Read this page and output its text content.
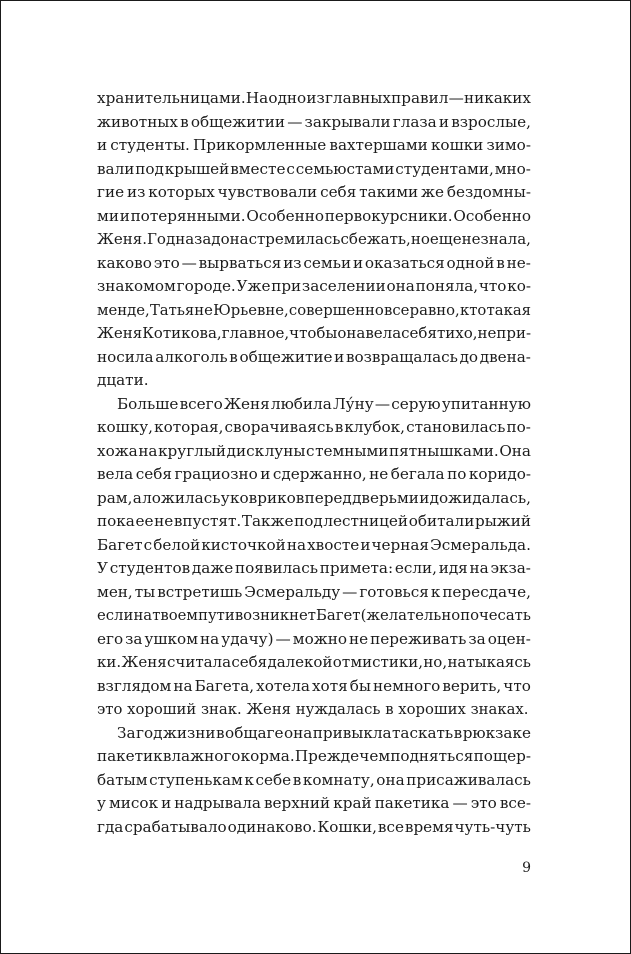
хранительницами. На одно из главных правил — никаких
животных в общежитии — закрывали глаза и взрослые,
и студенты. Прикормленные вахтершами кошки зимо-
вали под крышей вместе с семьюстами студентами, мно-
гие из которых чувствовали себя такими же бездомны-
ми и потерянными. Особенно первокурсники. Особенно
Женя. Год назад она стремилась сбежать, но еще не знала,
каково это — вырваться из семьи и оказаться одной в не-
знакомом городе. Уже при заселении она поняла, что ко-
менде, Татьяне Юрьевне, совершенно все равно, кто такая
Женя Котикова, главное, чтобы она вела себя тихо, не при-
носила алкоголь в общежитие и возвращалась до двена-
дцати.
Больше всего Женя любила Лу́ну — серую упитанную
кошку, которая, сворачиваясь в клубок, становилась по-
хожа на круглый диск луны с темными пятнышками. Она
вела себя грациозно и сдержанно, не бегала по коридо-
рам, а ложилась у ковриков перед дверьми и дожидалась,
пока ее не впустят. Также под лестницей обитали рыжий
Багет с белой кисточкой на хвосте и черная Эсмеральда.
У студентов даже появилась примета: если, идя на экза-
мен, ты встретишь Эсмеральду — готовься к пересдаче,
если на твоем пути возникнет Багет (желательно почесать
его за ушком на удачу) — можно не переживать за оцен-
ки. Женя считала себя далекой от мистики, но, натыкаясь
взглядом на Багета, хотела хотя бы немного верить, что
это хороший знак. Женя нуждалась в хороших знаках.
За год жизни в общаге она привыкла таскать в рюкзаке
пакетик влажного корма. Прежде чем подняться по щер-
батым ступенькам к себе в комнату, она присаживалась
у мисок и надрывала верхний край пакетика — это все-
гда срабатывало одинаково. Кошки, все время чуть-чуть
9
